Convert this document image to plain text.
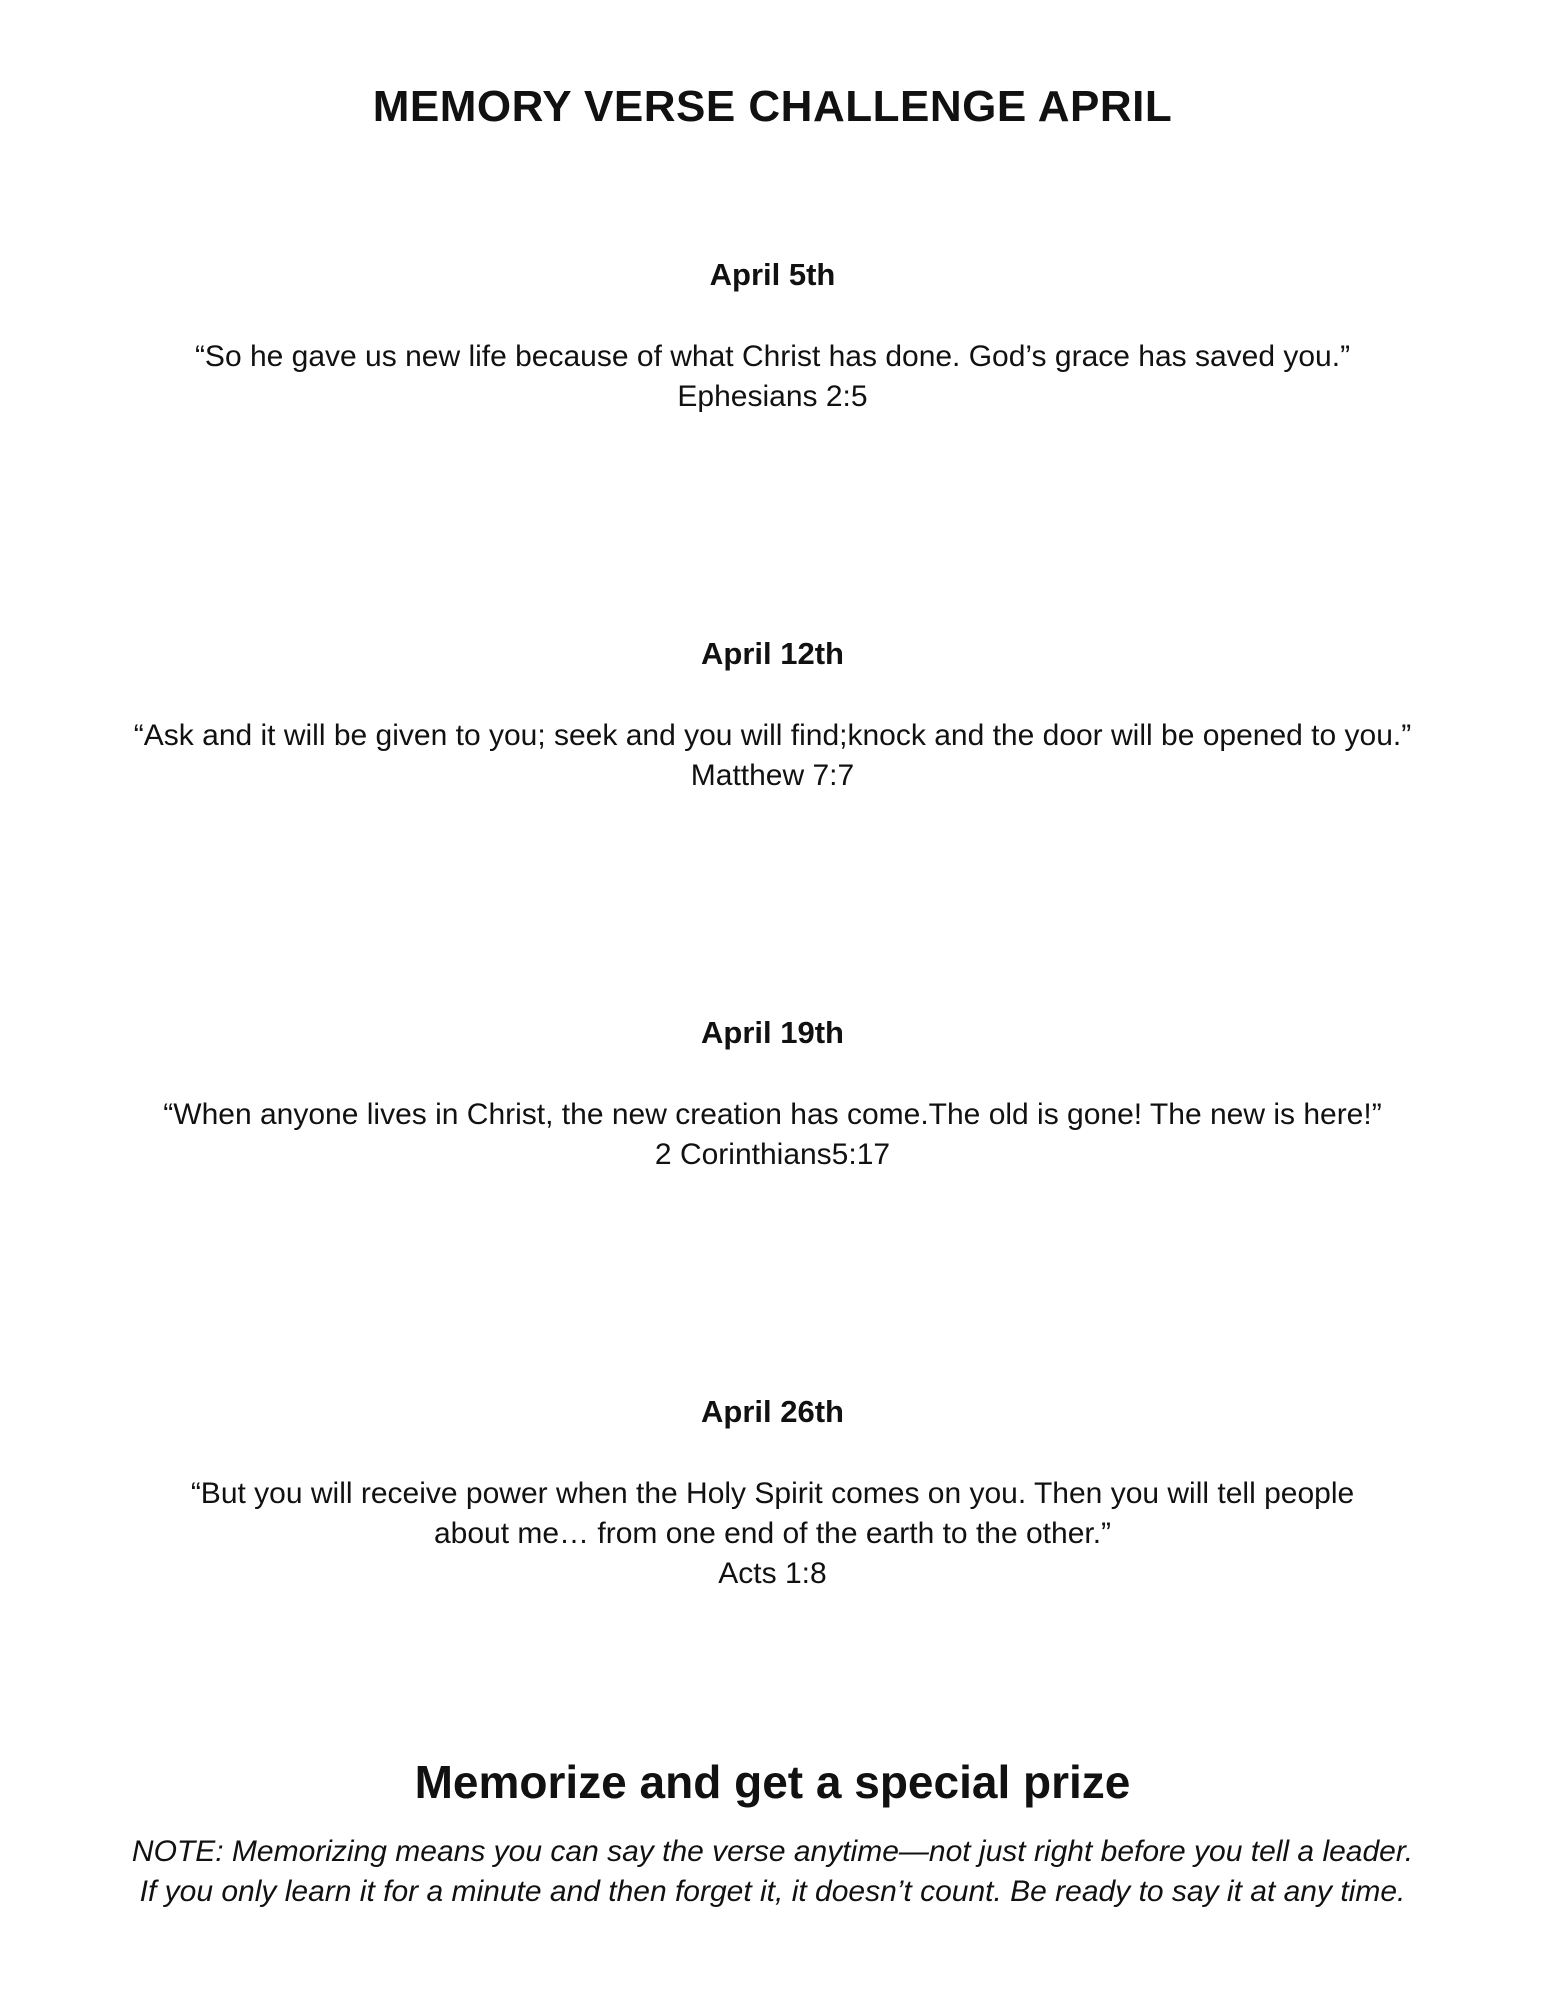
MEMORY VERSE CHALLENGE APRIL

April 5th

“So he gave us new life because of what Christ has done. God’s grace has saved you.”

Ephesians 2:5

April 12th

“Ask and it will be given to you; seek and you will find;knock and the door will be opened to you.”

Matthew 7:7

April 19th

“When anyone lives in Christ, the new creation has come.The old is gone! The new is here!”

2 Corinthians5:17

April 26th

“But you will receive power when the Holy Spirit comes on you. Then you will tell people

about me… from one end of the earth to the other.”

Acts 1:8

Memorize and get a special prize

NOTE: Memorizing means you can say the verse anytime—not just right before you tell a leader.

If you only learn it for a minute and then forget it, it doesn’t count. Be ready to say it at any time.
